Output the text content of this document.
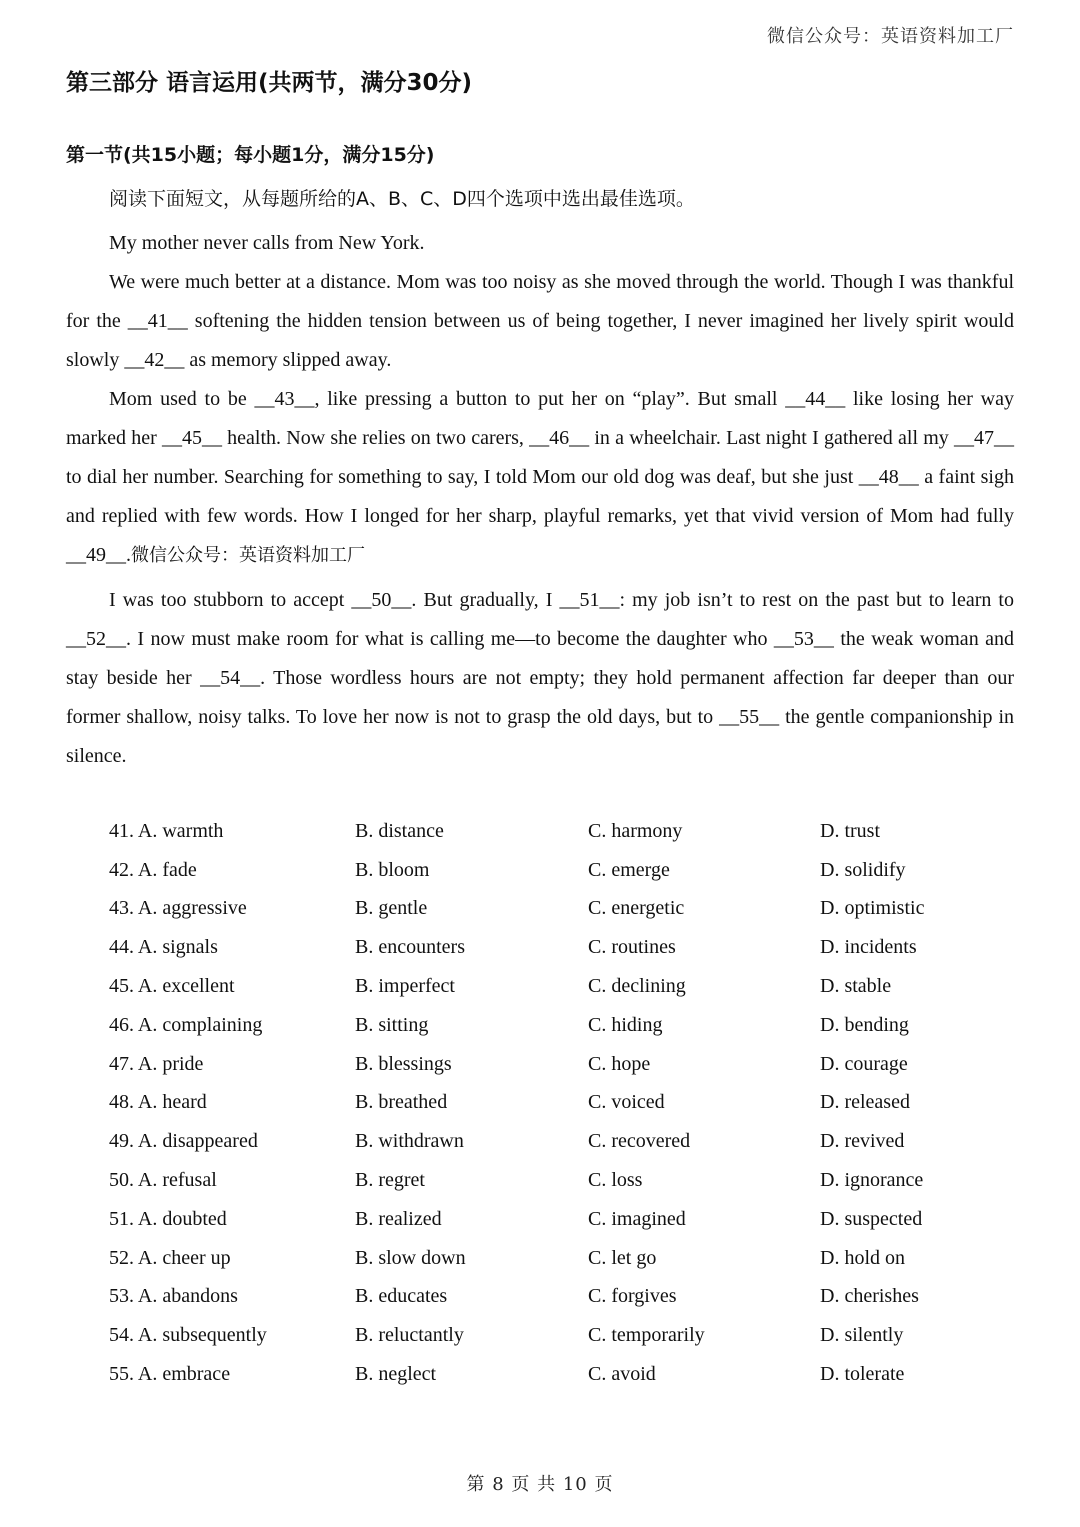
微信公众号：英语资料加工厂
第三部分 语言运用(共两节，满分30分)
第一节(共15小题；每小题1分，满分15分)

阅读下面短文，从每题所给的A、B、C、D四个选项中选出最佳选项。

My mother never calls from New York.

We were much better at a distance. Mom was too noisy as she moved through the world. Though I was thankful for the __41__ softening the hidden tension between us of being together, I never imagined her lively spirit would slowly __42__ as memory slipped away.

Mom used to be __43__, like pressing a button to put her on “play”. But small __44__ like losing her way marked her __45__ health. Now she relies on two carers, __46__ in a wheelchair. Last night I gathered all my __47__ to dial her number. Searching for something to say, I told Mom our old dog was deaf, but she just __48__ a faint sigh and replied with few words. How I longed for her sharp, playful remarks, yet that vivid version of Mom had fully __49__.微信公众号：英语资料加工厂

I was too stubborn to accept __50__. But gradually, I __51__: my job isn’t to rest on the past but to learn to __52__. I now must make room for what is calling me—to become the daughter who __53__ the weak woman and stay beside her __54__. Those wordless hours are not empty; they hold permanent affection far deeper than our former shallow, noisy talks. To love her now is not to grasp the old days, but to __55__ the gentle companionship in silence.

41. A. warmth	B. distance	C. harmony	D. trust
42. A. fade	B. bloom	C. emerge	D. solidify
43. A. aggressive	B. gentle	C. energetic	D. optimistic
44. A. signals	B. encounters	C. routines	D. incidents
45. A. excellent	B. imperfect	C. declining	D. stable
46. A. complaining	B. sitting	C. hiding	D. bending
47. A. pride	B. blessings	C. hope	D. courage
48. A. heard	B. breathed	C. voiced	D. released
49. A. disappeared	B. withdrawn	C. recovered	D. revived
50. A. refusal	B. regret	C. loss	D. ignorance
51. A. doubted	B. realized	C. imagined	D. suspected
52. A. cheer up	B. slow down	C. let go	D. hold on
53. A. abandons	B. educates	C. forgives	D. cherishes
54. A. subsequently	B. reluctantly	C. temporarily	D. silently
55. A. embrace	B. neglect	C. avoid	D. tolerate
第 8 页 共 10 页
